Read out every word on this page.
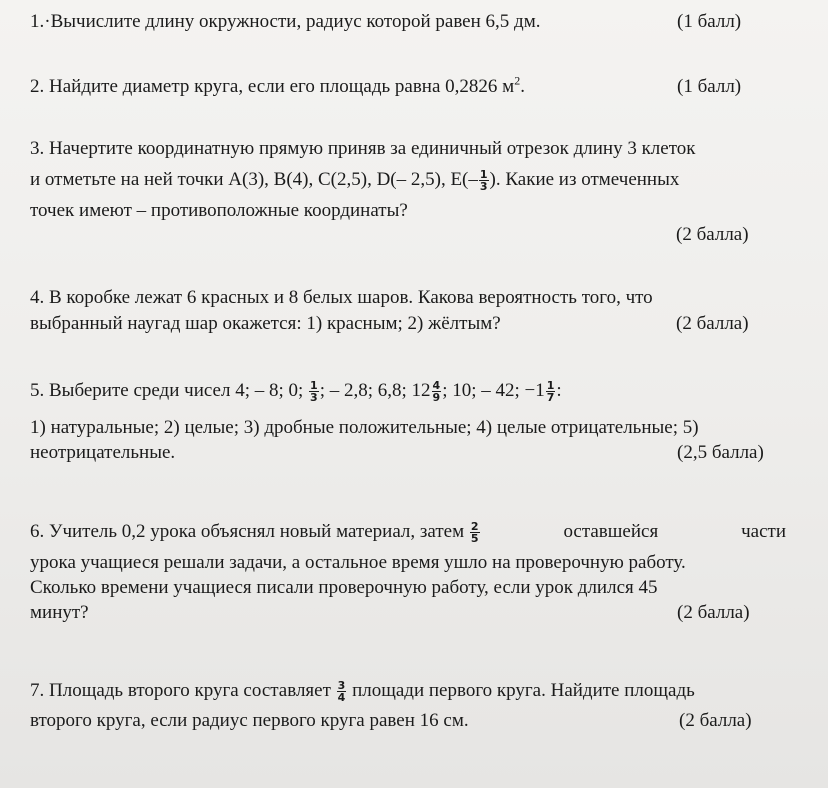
1.·Вычислите длину окружности, радиус которой равен 6,5 дм.	(1 балл)
2. Найдите диаметр круга, если его площадь равна 0,2826 $м^2$.	(1 балл)
3. Начертите координатную прямую приняв за единичный отрезок длину 3 клеток
и отметьте на ней точки A(3), B(4), C(2,5), D(– 2,5), $E(- \frac{1}{3}$ ). Какие из отмеченных
точек имеют – противоположные координаты?
(2 балла)
4. В коробке лежат 6 красных и 8 белых шаров. Какова вероятность того, что
выбранный наугад шар окажется: 1) красным; 2) жёлтым?	(2 балла)
5. Выберите среди чисел 4; – 8; 0; $\frac{1}{3}$ ; – 2,8; 6,8; $12 \frac{4}{9}$ ; 10; – 42; $-1 \frac{1}{7}$ :
1) натуральные; 2) целые; 3) дробные положительные; 4) целые отрицательные; 5)
неотрицательные.	(2,5 балла)
6. Учитель 0,2 урока объяснял новый материал, затем $\frac{2}{5}$	оставшейся	части
урока учащиеся решали задачи, а остальное время ушло на проверочную работу.
Сколько времени учащиеся писали проверочную работу, если урок длился 45
минут?	(2 балла)
7. Площадь второго круга составляет $\frac{3}{4}$ площади первого круга. Найдите площадь
второго круга, если радиус первого круга равен 16 см.	(2 балла)
